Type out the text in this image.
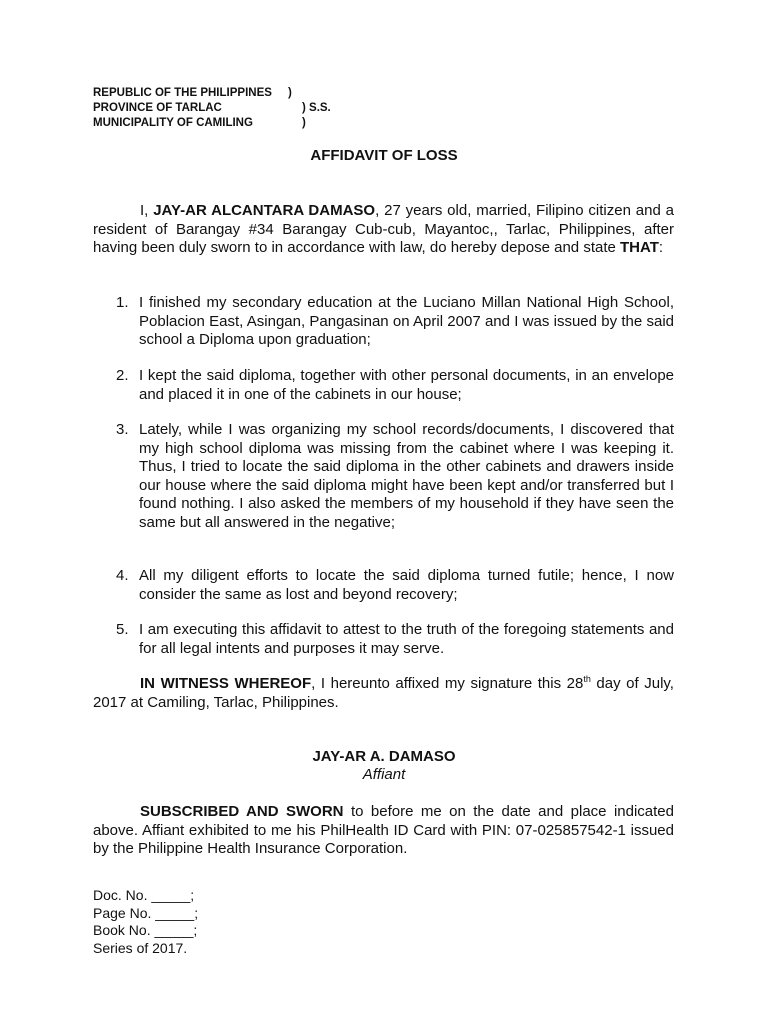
REPUBLIC OF THE PHILIPPINES )
PROVINCE OF TARLAC	) S.S.
MUNICIPALITY OF CAMILING	)
AFFIDAVIT OF LOSS
I, JAY-AR ALCANTARA DAMASO, 27 years old, married, Filipino citizen and a resident of Barangay #34 Barangay Cub-cub, Mayantoc,, Tarlac, Philippines, after having been duly sworn to in accordance with law, do hereby depose and state THAT:
1. I finished my secondary education at the Luciano Millan National High School, Poblacion East, Asingan, Pangasinan on April 2007 and I was issued by the said school a Diploma upon graduation;
2. I kept the said diploma, together with other personal documents, in an envelope and placed it in one of the cabinets in our house;
3. Lately, while I was organizing my school records/documents, I discovered that my high school diploma was missing from the cabinet where I was keeping it. Thus, I tried to locate the said diploma in the other cabinets and drawers inside our house where the said diploma might have been kept and/or transferred but I found nothing. I also asked the members of my household if they have seen the same but all answered in the negative;
4. All my diligent efforts to locate the said diploma turned futile; hence, I now consider the same as lost and beyond recovery;
5. I am executing this affidavit to attest to the truth of the foregoing statements and for all legal intents and purposes it may serve.
IN WITNESS WHEREOF, I hereunto affixed my signature this 28th day of July, 2017 at Camiling, Tarlac, Philippines.
JAY-AR A. DAMASO
Affiant
SUBSCRIBED AND SWORN to before me on the date and place indicated above. Affiant exhibited to me his PhilHealth ID Card with PIN: 07-025857542-1 issued by the Philippine Health Insurance Corporation.
Doc. No. _____;
Page No. _____;
Book No. _____;
Series of 2017.
